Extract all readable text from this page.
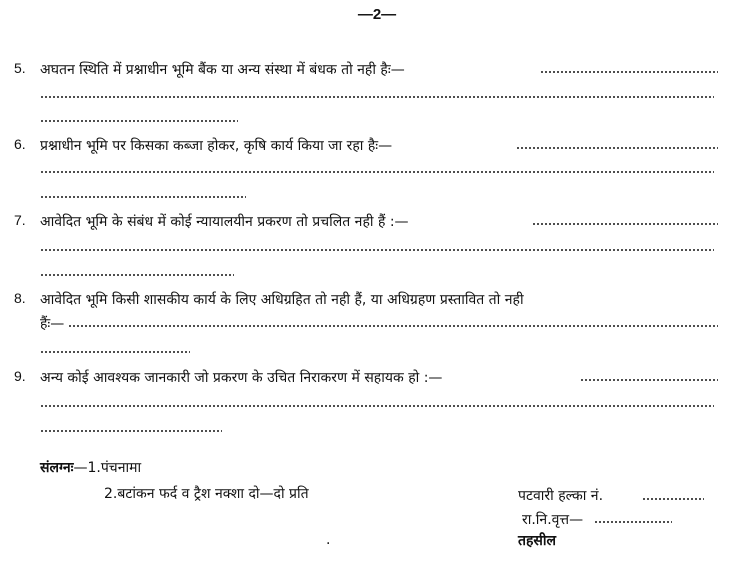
—2—
5. अघतन स्थिति में प्रश्नाधीन भूमि बैंक या अन्य संस्था में बंधक तो नही हैः—
6. प्रश्नाधीन भूमि पर किसका कब्जा होकर, कृषि कार्य किया जा रहा हैः—
7. आवेदित भूमि के संबंध में कोई न्यायालयीन प्रकरण तो प्रचलित नही हैं :—
8. आवेदित भूमि किसी शासकीय कार्य के लिए अधिग्रहित तो नही हैं, या अधिग्रहण प्रस्तावित तो नही
हैंः—
9. अन्य कोई आवश्यक जानकारी जो प्रकरण के उचित निराकरण में सहायक हो :—
संलग्नः—1.पंचनामा
2.बटांकन फर्द व ट्रैश नक्शा दो—दो प्रति	पटवारी हल्का नं.
रा.नि.वृत्त—
तहसील
.
